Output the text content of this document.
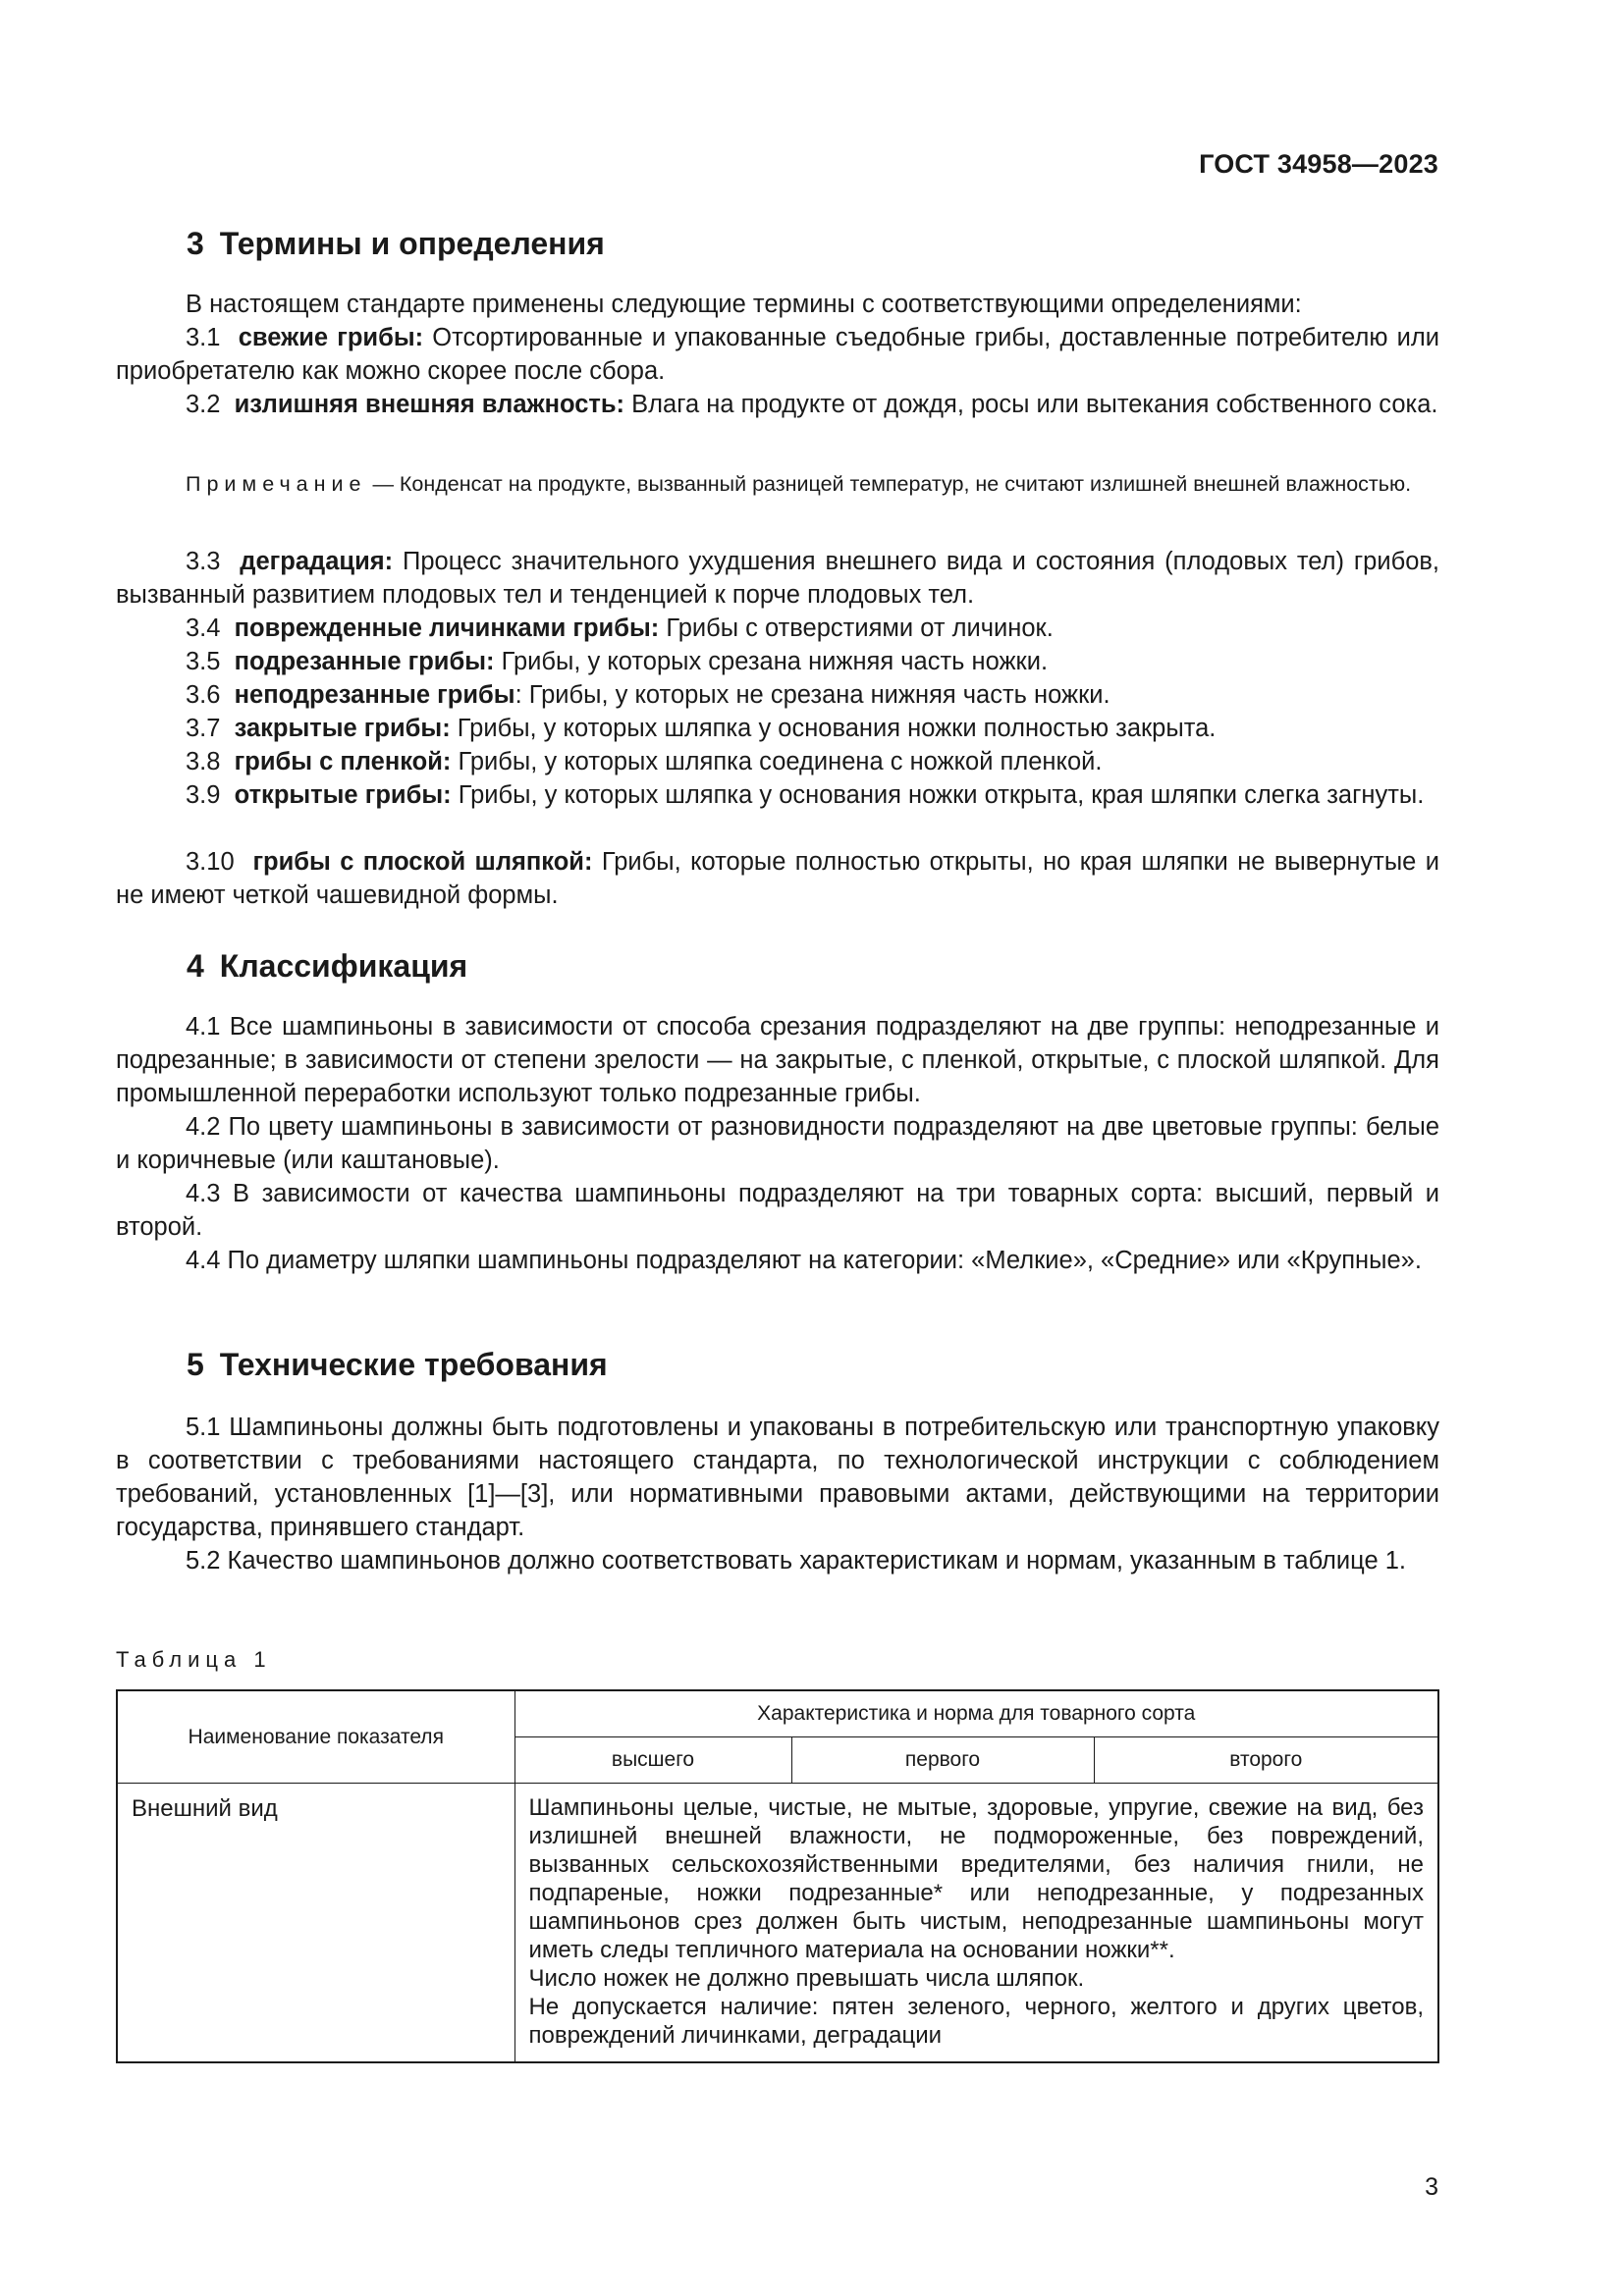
ГОСТ 34958—2023
3 Термины и определения
В настоящем стандарте применены следующие термины с соответствующими определениями:
3.1 свежие грибы: Отсортированные и упакованные съедобные грибы, доставленные потребителю или приобретателю как можно скорее после сбора.
3.2 излишняя внешняя влажность: Влага на продукте от дождя, росы или вытекания собственного сока.
Примечание — Конденсат на продукте, вызванный разницей температур, не считают излишней внешней влажностью.
3.3 деградация: Процесс значительного ухудшения внешнего вида и состояния (плодовых тел) грибов, вызванный развитием плодовых тел и тенденцией к порче плодовых тел.
3.4 поврежденные личинками грибы: Грибы с отверстиями от личинок.
3.5 подрезанные грибы: Грибы, у которых срезана нижняя часть ножки.
3.6 неподрезанные грибы: Грибы, у которых не срезана нижняя часть ножки.
3.7 закрытые грибы: Грибы, у которых шляпка у основания ножки полностью закрыта.
3.8 грибы с пленкой: Грибы, у которых шляпка соединена с ножкой пленкой.
3.9 открытые грибы: Грибы, у которых шляпка у основания ножки открыта, края шляпки слегка загнуты.
3.10 грибы с плоской шляпкой: Грибы, которые полностью открыты, но края шляпки не вывернутые и не имеют четкой чашевидной формы.
4 Классификация
4.1 Все шампиньоны в зависимости от способа срезания подразделяют на две группы: неподрезанные и подрезанные; в зависимости от степени зрелости — на закрытые, с пленкой, открытые, с плоской шляпкой. Для промышленной переработки используют только подрезанные грибы.
4.2 По цвету шампиньоны в зависимости от разновидности подразделяют на две цветовые группы: белые и коричневые (или каштановые).
4.3 В зависимости от качества шампиньоны подразделяют на три товарных сорта: высший, первый и второй.
4.4 По диаметру шляпки шампиньоны подразделяют на категории: «Мелкие», «Средние» или «Крупные».
5 Технические требования
5.1 Шампиньоны должны быть подготовлены и упакованы в потребительскую или транспортную упаковку в соответствии с требованиями настоящего стандарта, по технологической инструкции с соблюдением требований, установленных [1]—[3], или нормативными правовыми актами, действующими на территории государства, принявшего стандарт.
5.2 Качество шампиньонов должно соответствовать характеристикам и нормам, указанным в таблице 1.
Таблица 1
Наименование показателя	Характеристика и норма для товарного сорта		
	высшего	первого	второго
Внешний вид	Шампиньоны целые, чистые, не мытые, здоровые, упругие, свежие на вид, без излишней внешней влажности, не подмороженные, без повреждений, вызванных сельскохозяйственными вредителями, без наличия гнили, не подпареные, ножки подрезанные* или неподрезанные, у подрезанных шампиньонов срез должен быть чистым, неподрезанные шампиньоны могут иметь следы тепличного материала на основании ножки**.
Число ножек не должно превышать числа шляпок.
Не допускается наличие: пятен зеленого, черного, желтого и других цветов, повреждений личинками, деградации		
3
